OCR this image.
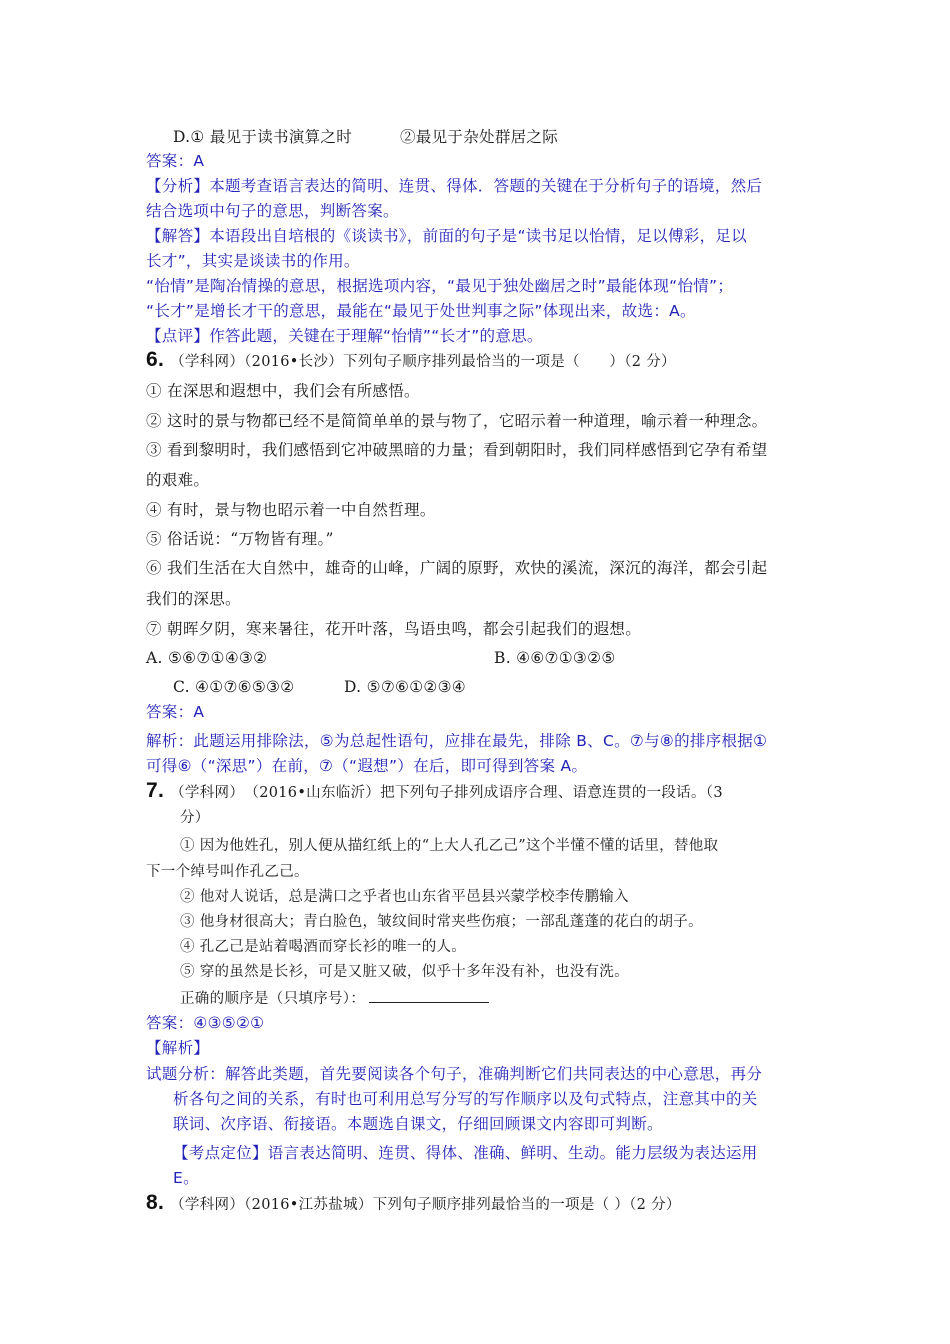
D.① 最见于读书演算之时	②最见于杂处群居之际
答案：A
【分析】本题考查语言表达的简明、连贯、得体．答题的关键在于分析句子的语境，然后
结合选项中句子的意思，判断答案。
【解答】本语段出自培根的《谈读书》，前面的句子是“读书足以怡情，足以傅彩，足以
长才”，其实是谈读书的作用。
“怡情”是陶冶情操的意思，根据选项内容，“最见于独处幽居之时”最能体现“怡情”；
“长才”是增长才干的意思，最能在“最见于处世判事之际”体现出来，故选：A。
【点评】作答此题，关键在于理解“怡情”“长才”的意思。
6. （学科网）（2016•长沙）下列句子顺序排列最恰当的一项是（　　）（2 分）
① 在深思和遐想中，我们会有所感悟。
② 这时的景与物都已经不是简简单单的景与物了，它昭示着一种道理，喻示着一种理念。
③ 看到黎明时，我们感悟到它冲破黑暗的力量；看到朝阳时，我们同样感悟到它孕有希望
的艰难。
④ 有时，景与物也昭示着一中自然哲理。
⑤ 俗话说：“万物皆有理。”
⑥ 我们生活在大自然中，雄奇的山峰，广阔的原野，欢快的溪流，深沉的海洋，都会引起
我们的深思。
⑦ 朝晖夕阴，寒来暑往，花开叶落，鸟语虫鸣，都会引起我们的遐想。
A. ⑤⑥⑦①④③②	B. ④⑥⑦①③②⑤
C. ④①⑦⑥⑤③②	D. ⑤⑦⑥①②③④
答案：A
解析：此题运用排除法，⑤为总起性语句，应排在最先，排除 B、C。⑦与⑧的排序根据①
可得⑥（“深思”）在前，⑦（“遐想”）在后，即可得到答案 A。
7. （学科网）　（2016•山东临沂）把下列句子排列成语序合理、语意连贯的一段话。（3
分）
① 因为他姓孔，别人便从描红纸上的“上大人孔乙己”这个半懂不懂的话里，替他取
下一个绰号叫作孔乙己。
② 他对人说话，总是满口之乎者也山东省平邑县兴蒙学校李传鹏输入
③ 他身材很高大；青白脸色，皱纹间时常夹些伤痕；一部乱蓬蓬的花白的胡子。
④ 孔乙己是站着喝酒而穿长衫的唯一的人。
⑤ 穿的虽然是长衫，可是又脏又破，似乎十多年没有补，也没有洗。
正确的顺序是（只填序号）：
答案：④③⑤②①
【解析】
试题分析：解答此类题，首先要阅读各个句子，准确判断它们共同表达的中心意思，再分
析各句之间的关系，有时也可利用总写分写的写作顺序以及句式特点，注意其中的关
联词、次序语、衔接语。本题选自课文，仔细回顾课文内容即可判断。
【考点定位】语言表达简明、连贯、得体、准确、鲜明、生动。能力层级为表达运用
E。
8. （学科网）（2016•江苏盐城）下列句子顺序排列最恰当的一项是（ ）（2 分）
